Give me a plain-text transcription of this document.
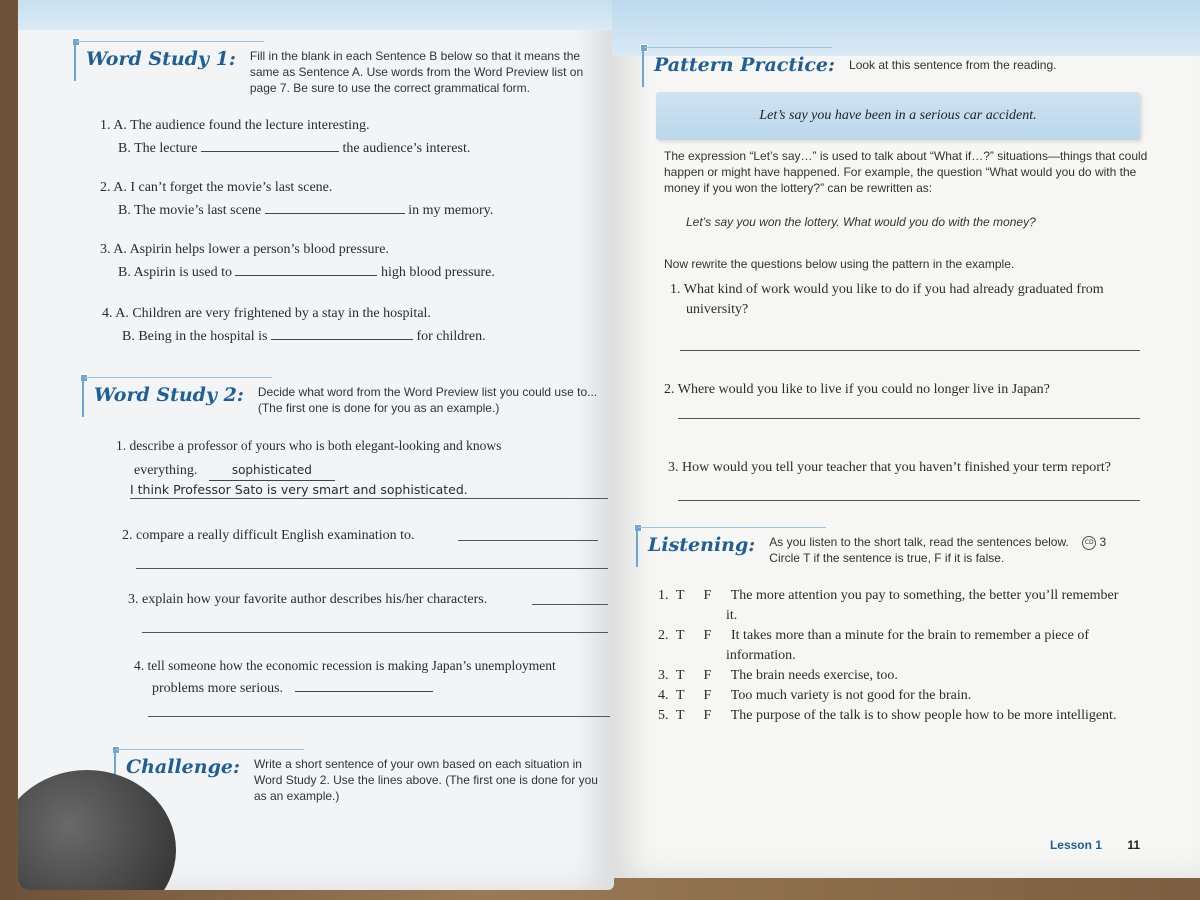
Word Study 1: Fill in the blank in each Sentence B below so that it means the same as Sentence A. Use words from the Word Preview list on page 7. Be sure to use the correct grammatical form.
1. A. The audience found the lecture interesting.
B. The lecture	the audience’s interest.
2. A. I can’t forget the movie’s last scene.
B. The movie’s last scene	in my memory.
3. A. Aspirin helps lower a person’s blood pressure.
B. Aspirin is used to	high blood pressure.
4. A. Children are very frightened by a stay in the hospital.
B. Being in the hospital is	for children.
Word Study 2: Decide what word from the Word Preview list you could use to... (The first one is done for you as an example.)
1. describe a professor of yours who is both elegant-looking and knows
everything.	sophisticated
I think Professor Sato is very smart and sophisticated.
2. compare a really difficult English examination to.
3. explain how your favorite author describes his/her characters.
4. tell someone how the economic recession is making Japan’s unemployment
problems more serious.
Challenge: Write a short sentence of your own based on each situation in Word Study 2. Use the lines above. (The first one is done for you as an example.)
Pattern Practice: Look at this sentence from the reading.
Let’s say you have been in a serious car accident.
The expression “Let’s say…” is used to talk about “What if…?” situations—things that could happen or might have happened. For example, the question “What would you do with the money if you won the lottery?” can be rewritten as:
Let’s say you won the lottery. What would you do with the money?
Now rewrite the questions below using the pattern in the example.
1. What kind of work would you like to do if you had already graduated from
university?
2. Where would you like to live if you could no longer live in Japan?
3. How would you tell your teacher that you haven’t finished your term report?
Listening: As you listen to the short talk, read the sentences below.	CD 3
Circle T if the sentence is true, F if it is false.
1. T F The more attention you pay to something, the better you’ll remember
it.
2. T F It takes more than a minute for the brain to remember a piece of
information.
3. T F The brain needs exercise, too.
4. T F Too much variety is not good for the brain.
5. T F The purpose of the talk is to show people how to be more intelligent.
Lesson 1 11
